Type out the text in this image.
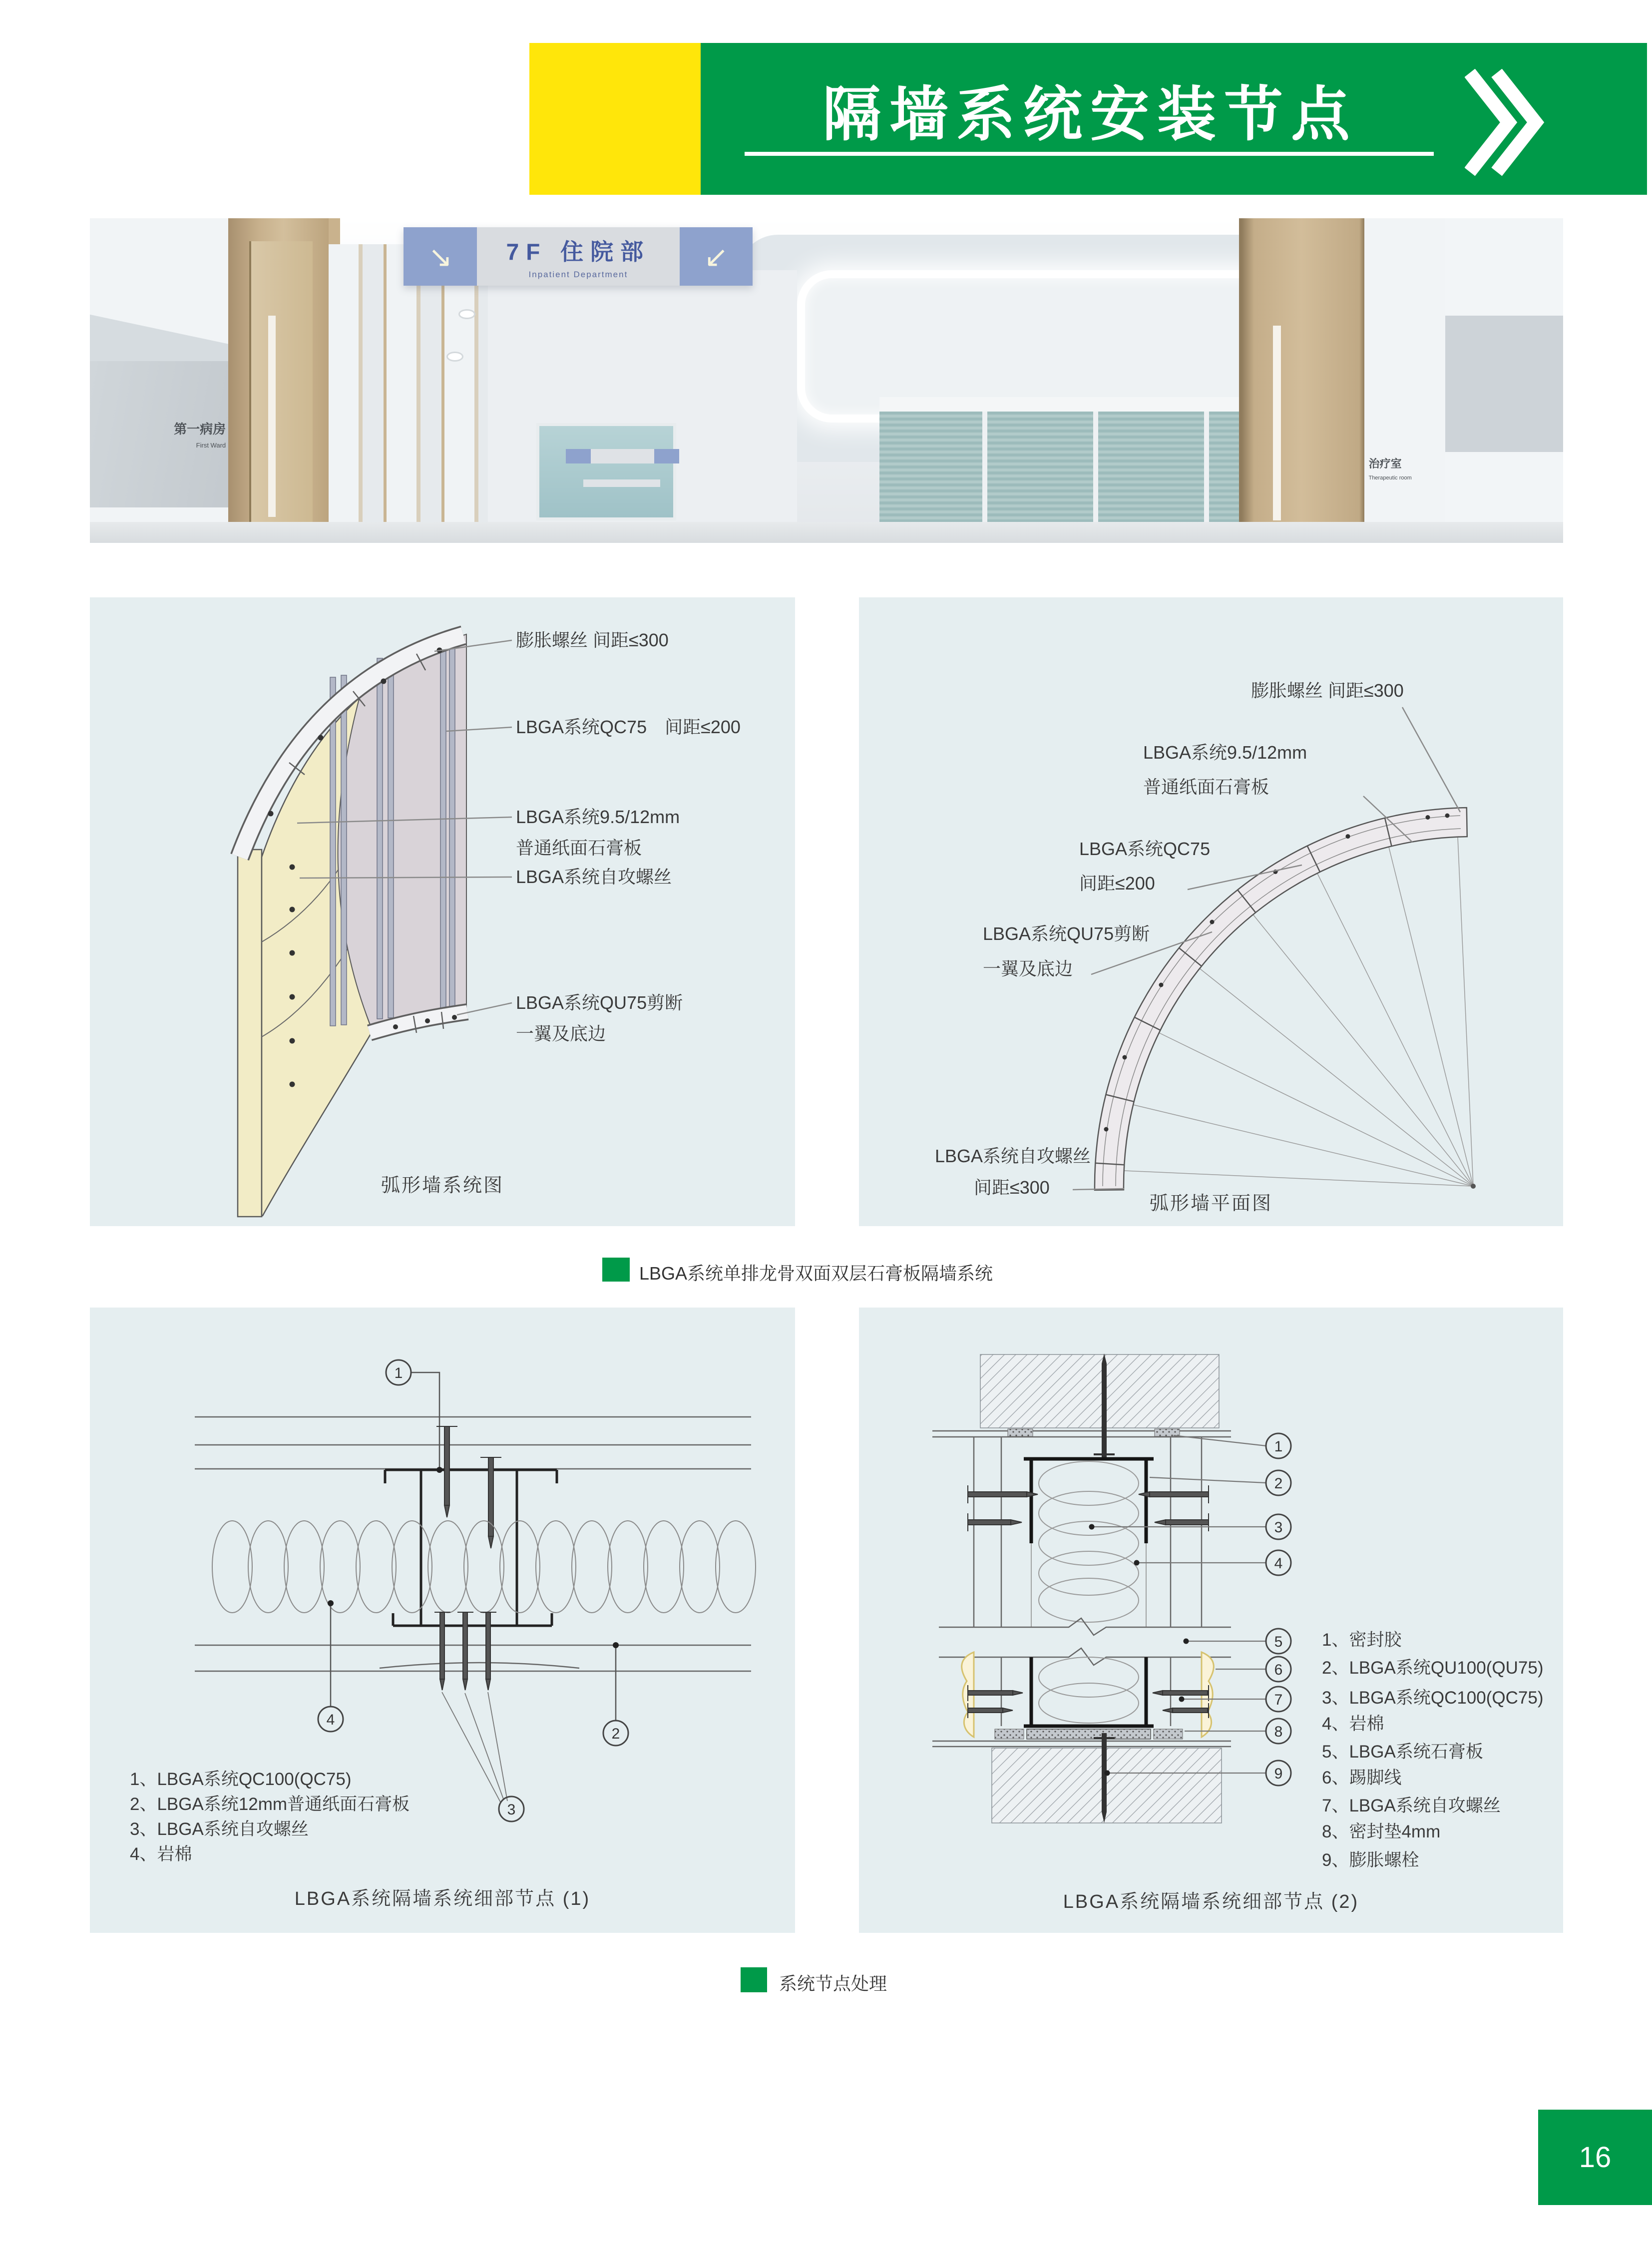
隔墙系统安装节点
第一病房
First Ward
治疗室
Therapeutic room
↘	7F 住院部
Inpatient Department
↙
膨胀螺丝 间距≤300
LBGA系统QC75　间距≤200
LBGA系统9.5/12mm
普通纸面石膏板
LBGA系统自攻螺丝
LBGA系统QU75剪断
一翼及底边
弧形墙系统图
膨胀螺丝 间距≤300
LBGA系统9.5/12mm
普通纸面石膏板
LBGA系统QC75
间距≤200
LBGA系统QU75剪断
一翼及底边
LBGA系统自攻螺丝
间距≤300
弧形墙平面图
LBGA系统单排龙骨双面双层石膏板隔墙系统
1
2
3
4
1、LBGA系统QC100(QC75)
2、LBGA系统12mm普通纸面石膏板
3、LBGA系统自攻螺丝
4、岩棉
LBGA系统隔墙系统细部节点 (1)
1
2
3
4
5
6
7
8
9
1、密封胶
2、LBGA系统QU100(QU75)
3、LBGA系统QC100(QC75)
4、岩棉
5、LBGA系统石膏板
6、踢脚线
7、LBGA系统自攻螺丝
8、密封垫4mm
9、膨胀螺栓
LBGA系统隔墙系统细部节点 (2)
系统节点处理
16
